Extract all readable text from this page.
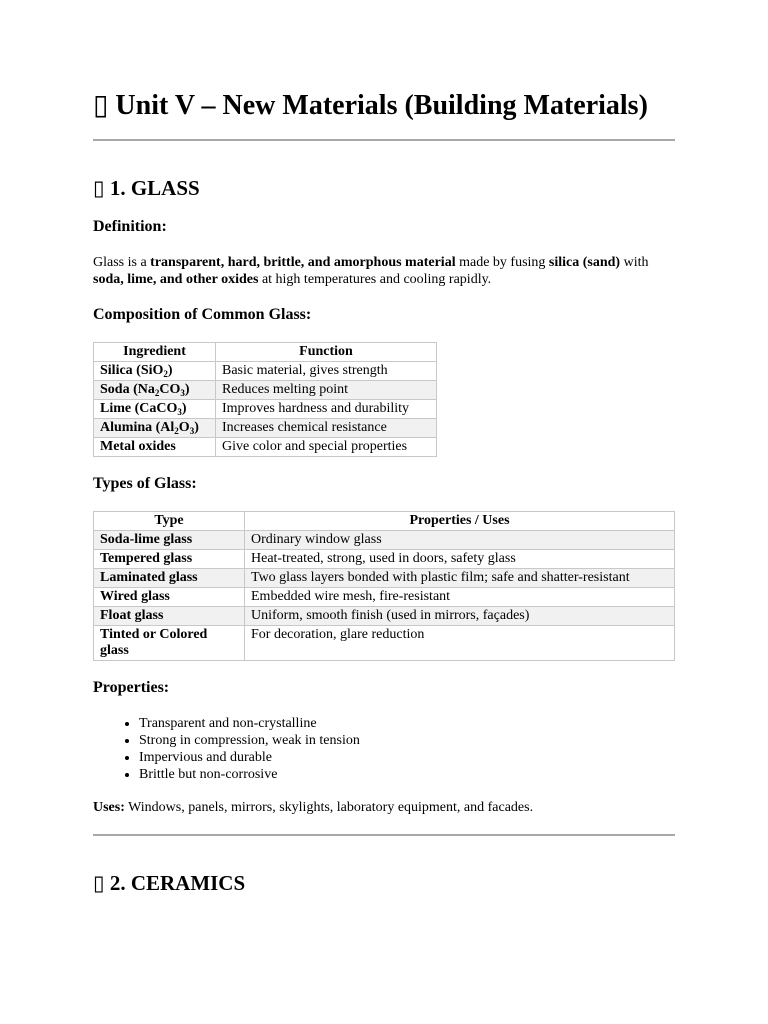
▯ Unit V – New Materials (Building Materials)
▯ 1. GLASS
Definition:

Glass is a transparent, hard, brittle, and amorphous material made by fusing silica (sand) with soda, lime, and other oxides at high temperatures and cooling rapidly.

Composition of Common Glass:
Ingredient	Function
Silica (SiO$_2$)	Basic material, gives strength
Soda $(Na_2CO_3)$	Reduces melting point
Lime (CaCO$_3$)	Improves hardness and durability
Alumina $(Al_2O_3)$	Increases chemical resistance
Metal oxides	Give color and special properties
Types of Glass:
Type	Properties / Uses
Soda-lime glass	Ordinary window glass
Tempered glass	Heat-treated, strong, used in doors, safety glass
Laminated glass	Two glass layers bonded with plastic film; safe and shatter-resistant
Wired glass	Embedded wire mesh, fire-resistant
Float glass	Uniform, smooth finish (used in mirrors, façades)
Tinted or Colored glass	For decoration, glare reduction
Properties:
• Transparent and non-crystalline
• Strong in compression, weak in tension
• Impervious and durable
• Brittle but non-corrosive

Uses: Windows, panels, mirrors, skylights, laboratory equipment, and facades.

▯ 2. CERAMICS
